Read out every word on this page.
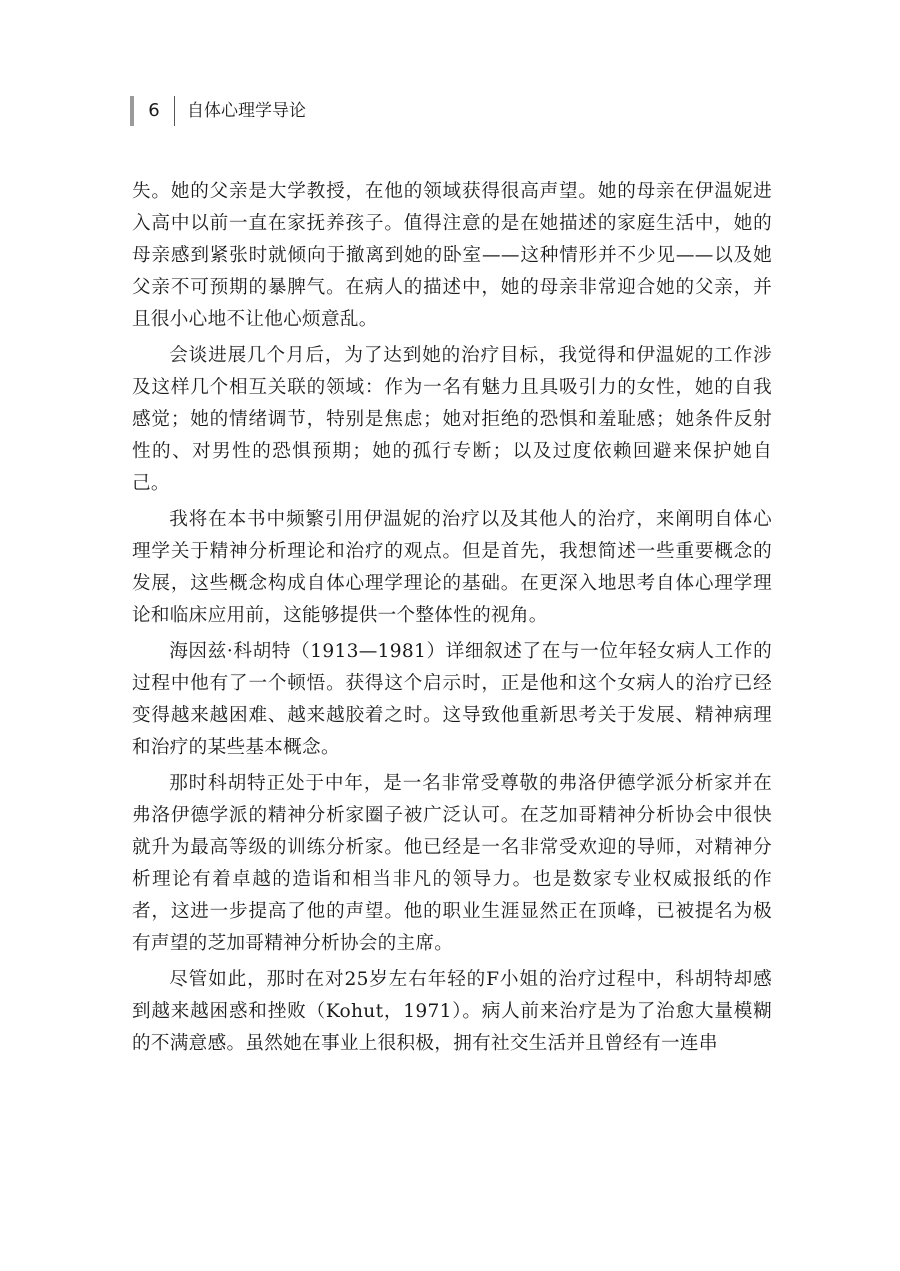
6	自体心理学导论

失。她的父亲是大学教授，在他的领域获得很高声望。她的母亲在伊温妮进入高中以前一直在家抚养孩子。值得注意的是在她描述的家庭生活中，她的母亲感到紧张时就倾向于撤离到她的卧室——这种情形并不少见——以及她父亲不可预期的暴脾气。在病人的描述中，她的母亲非常迎合她的父亲，并且很小心地不让他心烦意乱。

会谈进展几个月后，为了达到她的治疗目标，我觉得和伊温妮的工作涉及这样几个相互关联的领域：作为一名有魅力且具吸引力的女性，她的自我感觉；她的情绪调节，特别是焦虑；她对拒绝的恐惧和羞耻感；她条件反射性的、对男性的恐惧预期；她的孤行专断；以及过度依赖回避来保护她自己。

我将在本书中频繁引用伊温妮的治疗以及其他人的治疗，来阐明自体心理学关于精神分析理论和治疗的观点。但是首先，我想简述一些重要概念的发展，这些概念构成自体心理学理论的基础。在更深入地思考自体心理学理论和临床应用前，这能够提供一个整体性的视角。

海因兹·科胡特（1913—1981）详细叙述了在与一位年轻女病人工作的过程中他有了一个顿悟。获得这个启示时，正是他和这个女病人的治疗已经变得越来越困难、越来越胶着之时。这导致他重新思考关于发展、精神病理和治疗的某些基本概念。

那时科胡特正处于中年，是一名非常受尊敬的弗洛伊德学派分析家并在弗洛伊德学派的精神分析家圈子被广泛认可。在芝加哥精神分析协会中很快就升为最高等级的训练分析家。他已经是一名非常受欢迎的导师，对精神分析理论有着卓越的造诣和相当非凡的领导力。也是数家专业权威报纸的作者，这进一步提高了他的声望。他的职业生涯显然正在顶峰，已被提名为极有声望的芝加哥精神分析协会的主席。

尽管如此，那时在对25岁左右年轻的F小姐的治疗过程中，科胡特却感到越来越困惑和挫败（Kohut，1971）。病人前来治疗是为了治愈大量模糊的不满意感。虽然她在事业上很积极，拥有社交生活并且曾经有一连串
